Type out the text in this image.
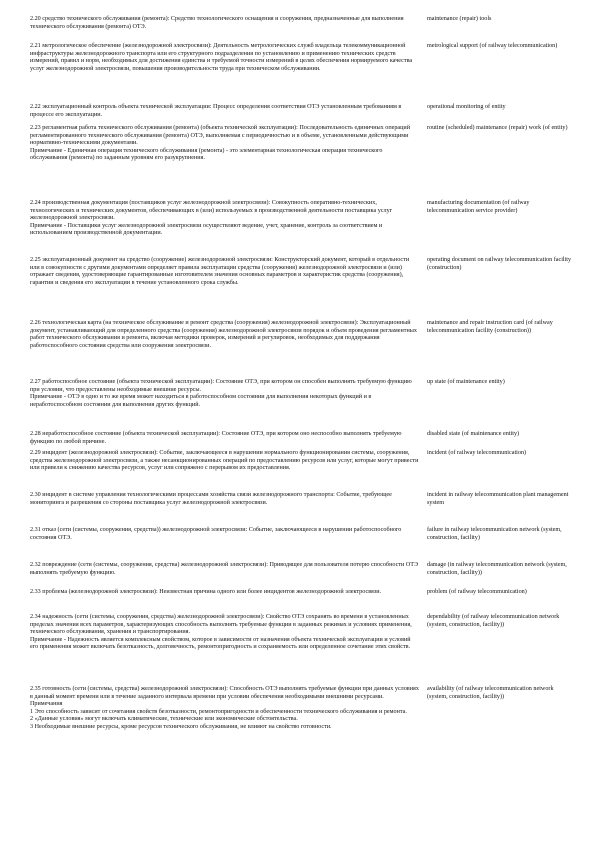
2.20 средство технического обслуживания (ремонта): Средство технологического оснащения и сооружения, предназначенные для выполнения технического обслуживания (ремонта) ОТЭ.
maintenance (repair) tools
2.21 метрологическое обеспечение (железнодорожной электросвязи): Деятельность метрологических служб владельца телекоммуникационной инфраструктуры железнодорожного транспорта или его структурного подразделения по установлению и применению технических средств измерений, правил и норм, необходимых для достижения единства и требуемой точности измерений в целях обеспечения нормируемого качества услуг железнодорожной электросвязи, повышения производительности труда при техническом обслуживании.
metrological support (of railway telecommunication)
2.22 эксплуатационный контроль объекта технической эксплуатации: Процесс определения соответствия ОТЭ установленным требованиям в процессе его эксплуатации.
operational monitoring of entity
2.23 регламентная работа технического обслуживания (ремонта) (объекта технической эксплуатации): Последовательность единичных операций регламентированного технического обслуживания (ремонта) ОТЭ, выполняемая с периодичностью и в объеме, установленными действующими нормативно-техническими документами.
Примечание - Единичная операция технического обслуживания (ремонта) - это элементарная технологическая операция технического обслуживания (ремонта) по заданным уровням его разукрупнения.
routine (scheduled) maintenance (repair) work (of entity)
2.24 производственная документация (поставщиков услуг железнодорожной электросвязи): Совокупность оперативно-технических, технологических и технических документов, обеспечивающих в (или) используемых в производственной деятельности поставщика услуг железнодорожной электросвязи.
Примечание - Поставщики услуг железнодорожной электросвязи осуществляют ведение, учет, хранение, контроль за соответствием и использованием производственной документации.
manufacturing documentation (of railway telecommunication service provider)
2.25 эксплуатационный документ на средство (сооружение) железнодорожной электросвязи: Конструкторский документ, который в отдельности или в совокупности с другими документами определяет правила эксплуатации средства (сооружения) железнодорожной электросвязи и (или) отражает сведения, удостоверяющие гарантированные изготовителем значения основных параметров и характеристик средства (сооружения), гарантии и сведения его эксплуатации в течение установленного срока службы.
operating document on railway telecommunication facility (construction)
2.26 технологическая карта (на техническое обслуживание и ремонт средства (сооружения) железнодорожной электросвязи): Эксплуатационный документ, устанавливающий для определенного средства (сооружения) железнодорожной электросвязи порядок и объем проведения регламентных работ технического обслуживания и ремонта, включая методики проверок, измерений и регулировок, необходимых для поддержания работоспособного состояния средства или сооружения электросвязи.
maintenance and repair instruction card (of railway telecommunication facility (construction))
2.27 работоспособное состояние (объекта технической эксплуатации): Состояние ОТЭ, при котором он способен выполнять требуемую функцию при условии, что предоставлены необходимые внешние ресурсы.
Примечание - ОТЭ в одно и то же время может находиться в работоспособном состоянии для выполнения некоторых функций и в неработоспособном состоянии для выполнения других функций.
up state (of maintenance entity)
2.28 неработоспособное состояние (объекта технической эксплуатации): Состояние ОТЭ, при котором оно неспособно выполнять требуемую функцию по любой причине.
disabled state (of maintenance entity)
2.29 инцидент (железнодорожной электросвязи): Событие, заключающееся в нарушении нормального функционирования системы, сооружения, средства железнодорожной электросвязи, а также несанкционированных операций по предоставлению ресурсов или услуг, которые могут привести или привели к снижению качества ресурсов, услуг или сопряжено с перерывом их предоставления.
incident (of railway telecommunication)
2.30 инцидент в системе управления технологическими процессами хозяйства связи железнодорожного транспорта: Событие, требующее мониторинга и разрешения со стороны поставщика услуг железнодорожной электросвязи.
incident in railway telecommunication plant management system
2.31 отказ (сети (системы, сооружения, средства)) железнодорожной электросвязи: Событие, заключающееся в нарушении работоспособного состояния ОТЭ.
failure in railway telecommunication network (system, construction, facility)
2.32 повреждение (сети (системы, сооружения, средства) железнодорожной электросвязи): Приводящее для пользователя потерю способности ОТЭ выполнять требуемую функцию.
damage (in railway telecommunication network (system, construction, facility))
2.33 проблема (железнодорожной электросвязи): Неизвестная причина одного или более инцидентов железнодорожной электросвязи.	problem (of railway telecommunication)
2.34 надежность (сети (системы, сооружения, средства) железнодорожной электросвязи): Свойство ОТЭ сохранять во времени в установленных пределах значения всех параметров, характеризующих способность выполнять требуемые функции в заданных режимах и условиях применения, технического обслуживания, хранения и транспортирования.
Примечание - Надежность является комплексным свойством, которое в зависимости от назначения объекта технической эксплуатации и условий его применения может включать безотказность, долговечность, ремонтопригодность и сохраняемость или определенное сочетание этих свойств.
dependability (of railway telecommunication network (system, construction, facility))
2.35 готовность (сети (системы, средства) железнодорожной электросвязи): Способность ОТЭ выполнять требуемые функции при данных условиях в данный момент времени или в течение заданного интервала времени при условии обеспечения необходимыми внешними ресурсами.
Примечания
1 Это способность зависит от сочетания свойств безотказности, ремонтопригодности и обеспеченности технического обслуживания и ремонта.
2 «Данные условия» могут включать климатические, технические или экономические обстоятельства.
3 Необходимые внешние ресурсы, кроме ресурсов технического обслуживания, не влияют на свойство готовности.
availability (of railway telecommunication network (system, construction, facility))
